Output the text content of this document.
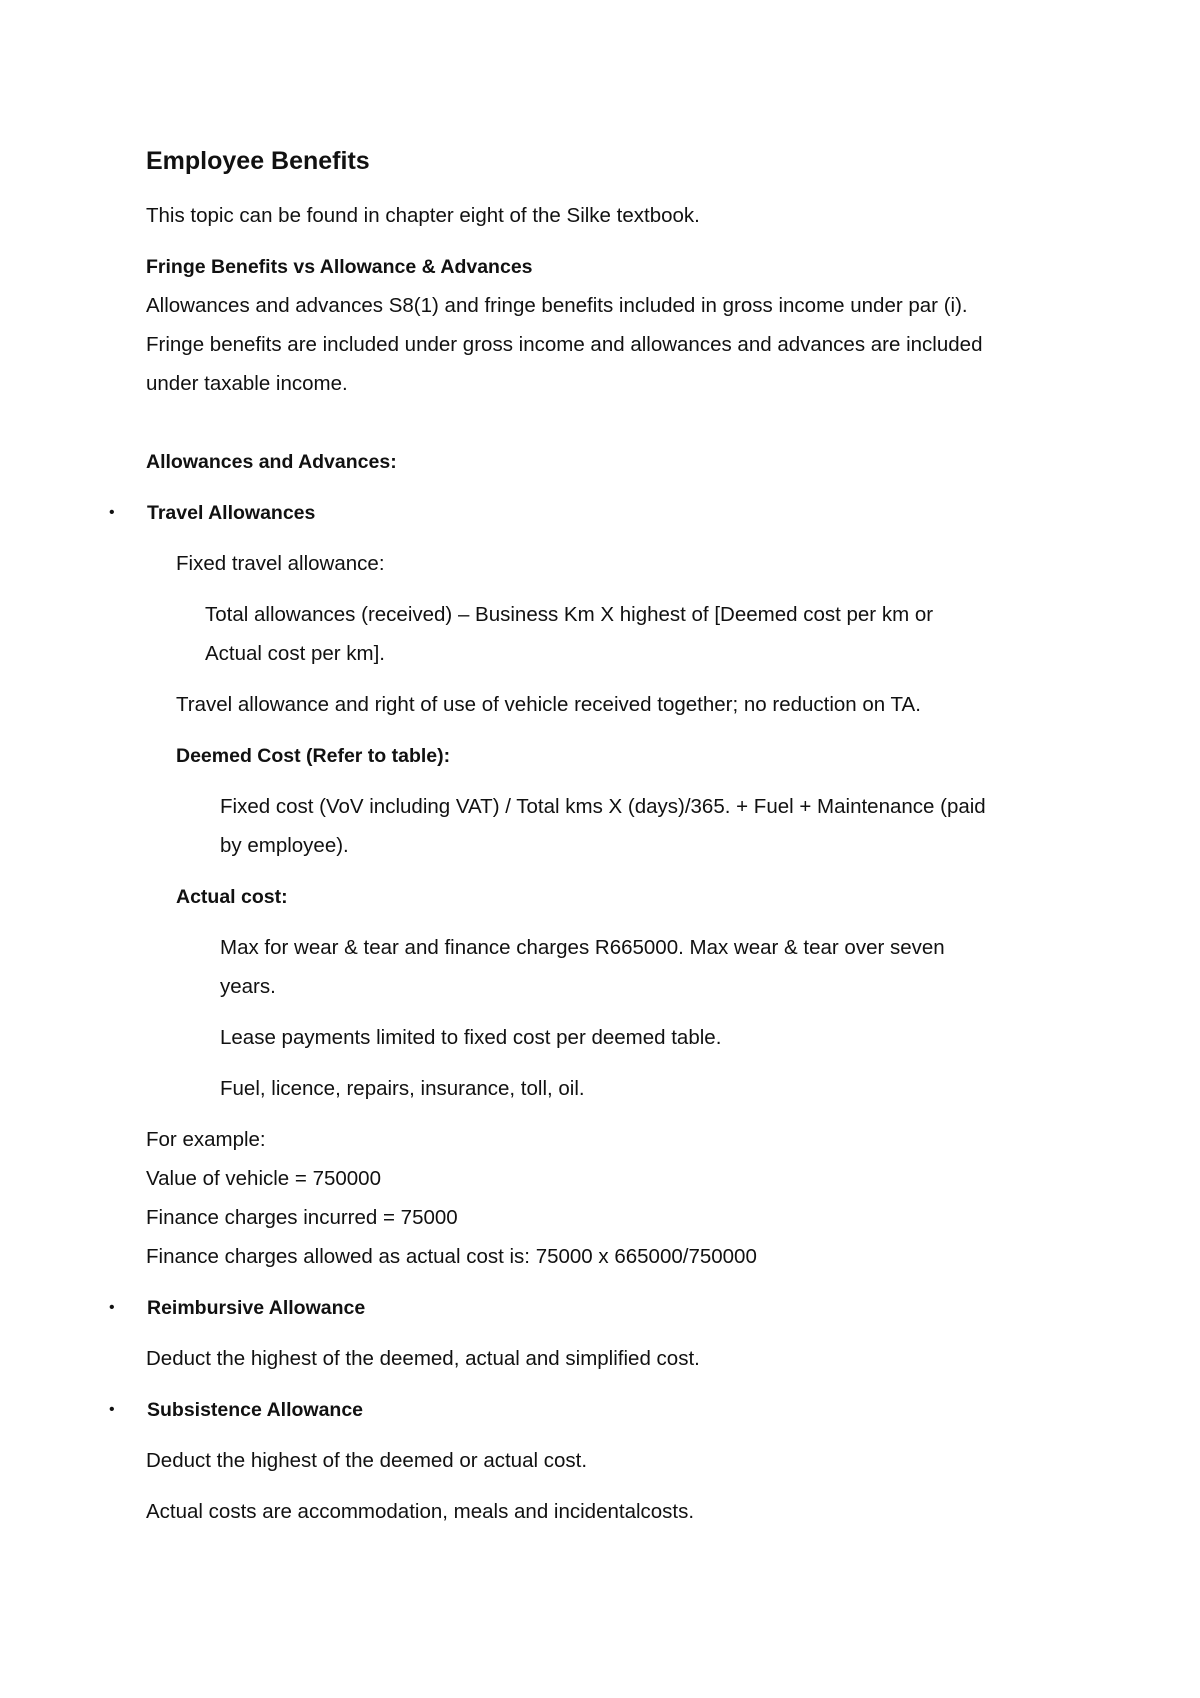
Employee Benefits
This topic can be found in chapter eight of the Silke textbook.
Fringe Benefits vs Allowance & Advances
Allowances and advances S8(1) and fringe benefits included in gross income under par (i).
Fringe benefits are included under gross income and allowances and advances are included
under taxable income.
Allowances and Advances:
• Travel Allowances
Fixed travel allowance:
Total allowances (received) – Business Km X highest of [Deemed cost per km or
Actual cost per km].
Travel allowance and right of use of vehicle received together; no reduction on TA.
Deemed Cost (Refer to table):
Fixed cost (VoV including VAT) / Total kms X (days)/365. + Fuel + Maintenance (paid
by employee).
Actual cost:
Max for wear & tear and finance charges R665000. Max wear & tear over seven
years.
Lease payments limited to fixed cost per deemed table.
Fuel, licence, repairs, insurance, toll, oil.
For example:
Value of vehicle = 750000
Finance charges incurred = 75000
Finance charges allowed as actual cost is: 75000 x 665000/750000
• Reimbursive Allowance
Deduct the highest of the deemed, actual and simplified cost.
• Subsistence Allowance
Deduct the highest of the deemed or actual cost.
Actual costs are accommodation, meals and incidentalcosts.
